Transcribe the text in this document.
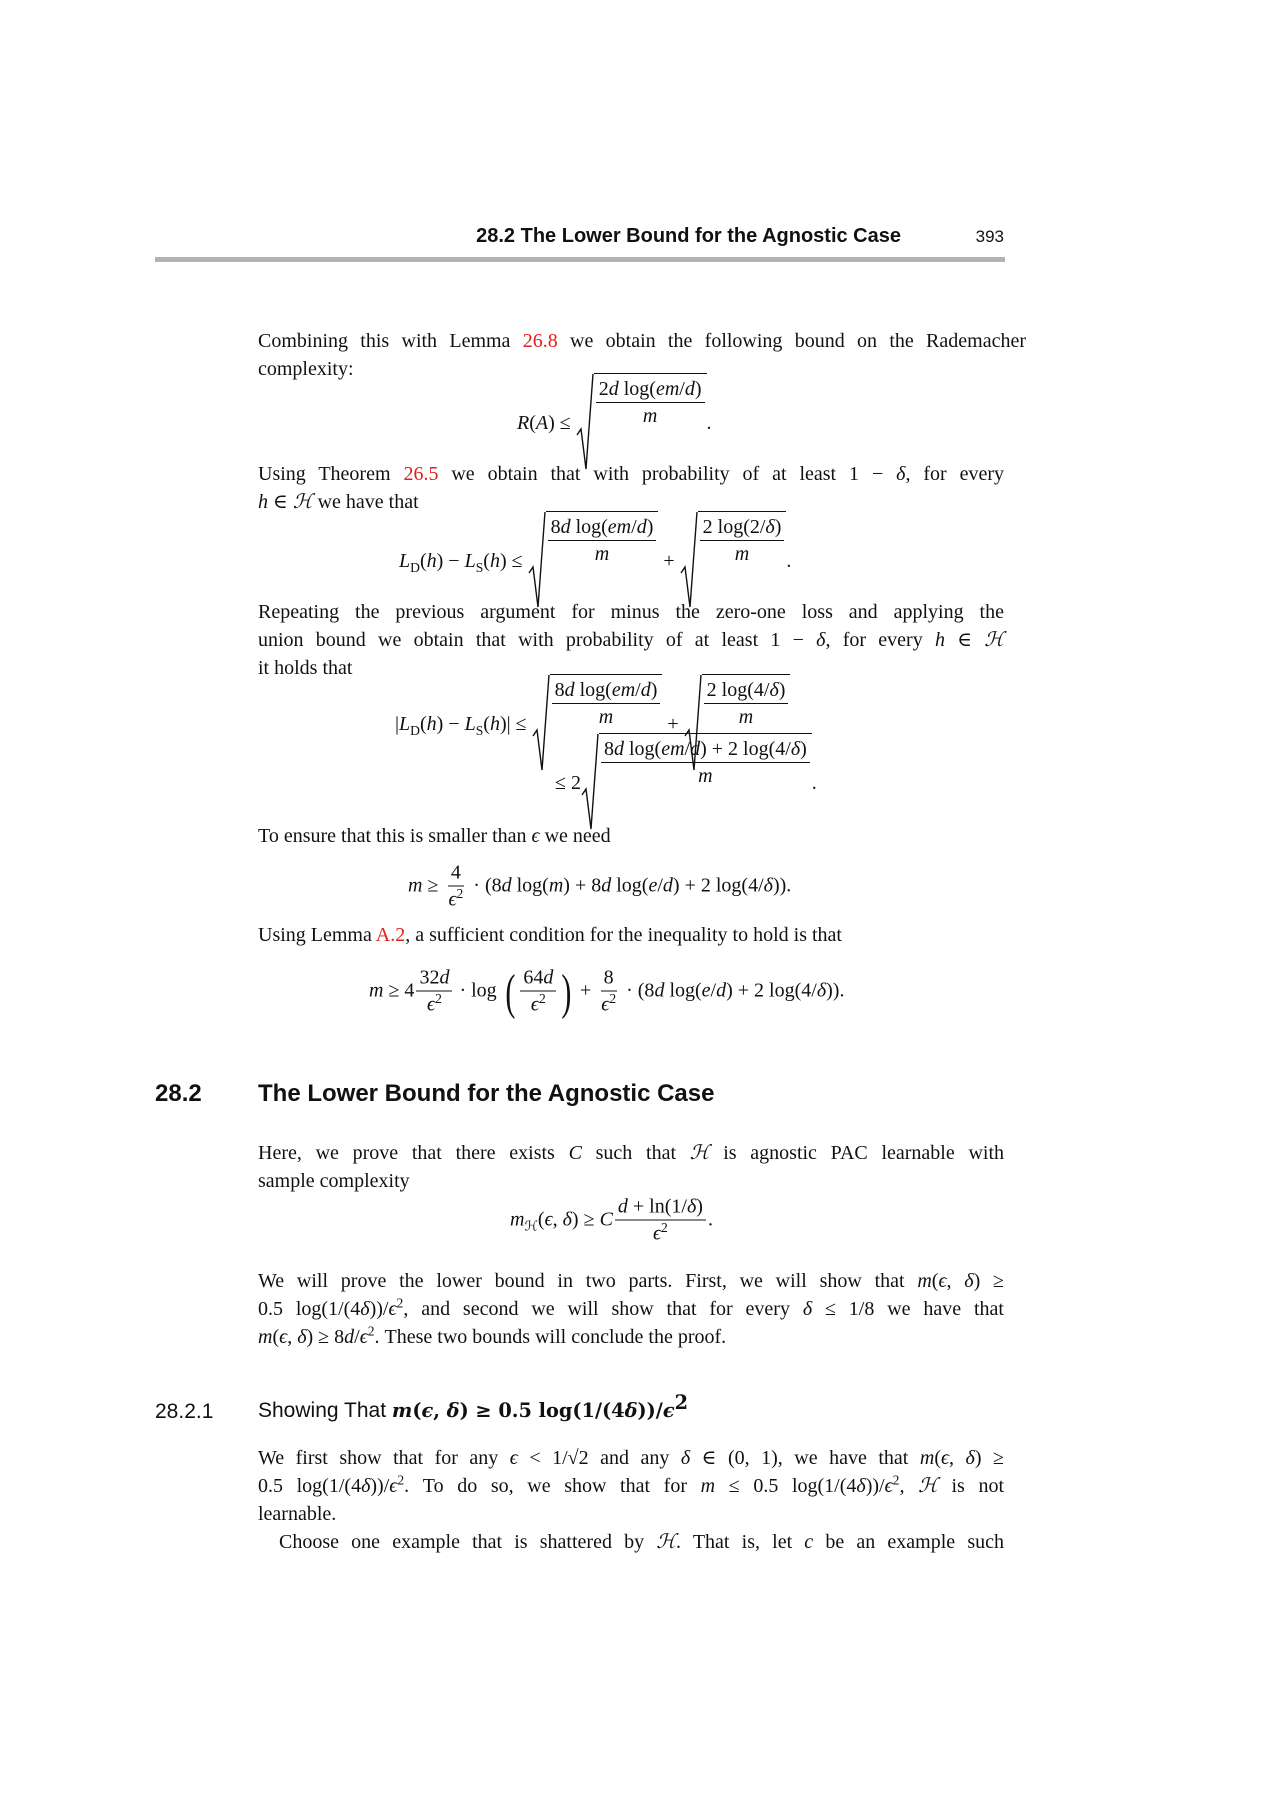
28.2 The Lower Bound for the Agnostic Case	393
Combining this with Lemma 26.8 we obtain the following bound on the Rademacher
complexity:
$R(A) \le \frac{\text{2d log(em/d)}}{m}$ .
Using Theorem 26.5 we obtain that with probability of at least 1 − δ, for every
h ∈ ℋ we have that
$L_D(h) - L_S(h) \le \frac{\text{8d log(em/d)}}{m} + \frac{2 \log(2/\delta)}{m}$ .
Repeating the previous argument for minus the zero-one loss and applying the
union bound we obtain that with probability of at least 1 − δ, for every h ∈ ℋ
it holds that
$|L_D(h) - L_S(h)| \le \frac{\text{8d log(em/d)}}{m} + \frac{2 \log(4/\delta)}{m}$
≤ $2 \frac{\text{8d log(em/d) + 2 log(4/δ)}}{m}$ .
To ensure that this is smaller than ϵ we need
$m \ge \frac{4}{\epsilon^2} \cdot (8d$ log(m) + 8d log(e/d) + 2 log(4/δ)).
Using Lemma A.2, a sufficient condition for the inequality to hold is that
$m \ge 4 \frac{32d}{\epsilon^2} \cdot \log$ ( $\frac{64d}{\epsilon^2}$ ) + $\frac{8}{\epsilon^2} \cdot (8d$ log(e/d) + 2 log(4/δ)).
28.2 The Lower Bound for the Agnostic Case
Here, we prove that there exists C such that ℋ is agnostic PAC learnable with
sample complexity
$m_ℋ(\epsilon$, δ) ≥ C $\frac{d + \ln(1/\delta)}{\epsilon^2}$ .
We will prove the lower bound in two parts. First, we will show that m(ϵ, δ) ≥
0.5 $\log(1/(4\delta))/\epsilon^2$, and second we will show that for every δ ≤ 1/8 we have that
m(ϵ, $\delta) \ge 8d/\epsilon^2$. These two bounds will conclude the proof.
28.2.1 Showing That m(ϵ, δ) ≥ 0.5 $\log(1/(4\delta))/\epsilon^2$
We first show that for any ϵ < 1/√2 and any δ ∈ (0, 1), we have that m(ϵ, δ) ≥
0.5 $\log(1/(4\delta))/\epsilon^2$. To do so, we show that for m ≤ 0.5 $\log(1/(4\delta))/\epsilon^2$, ℋ is not
learnable.
Choose one example that is shattered by ℋ. That is, let c be an example such
